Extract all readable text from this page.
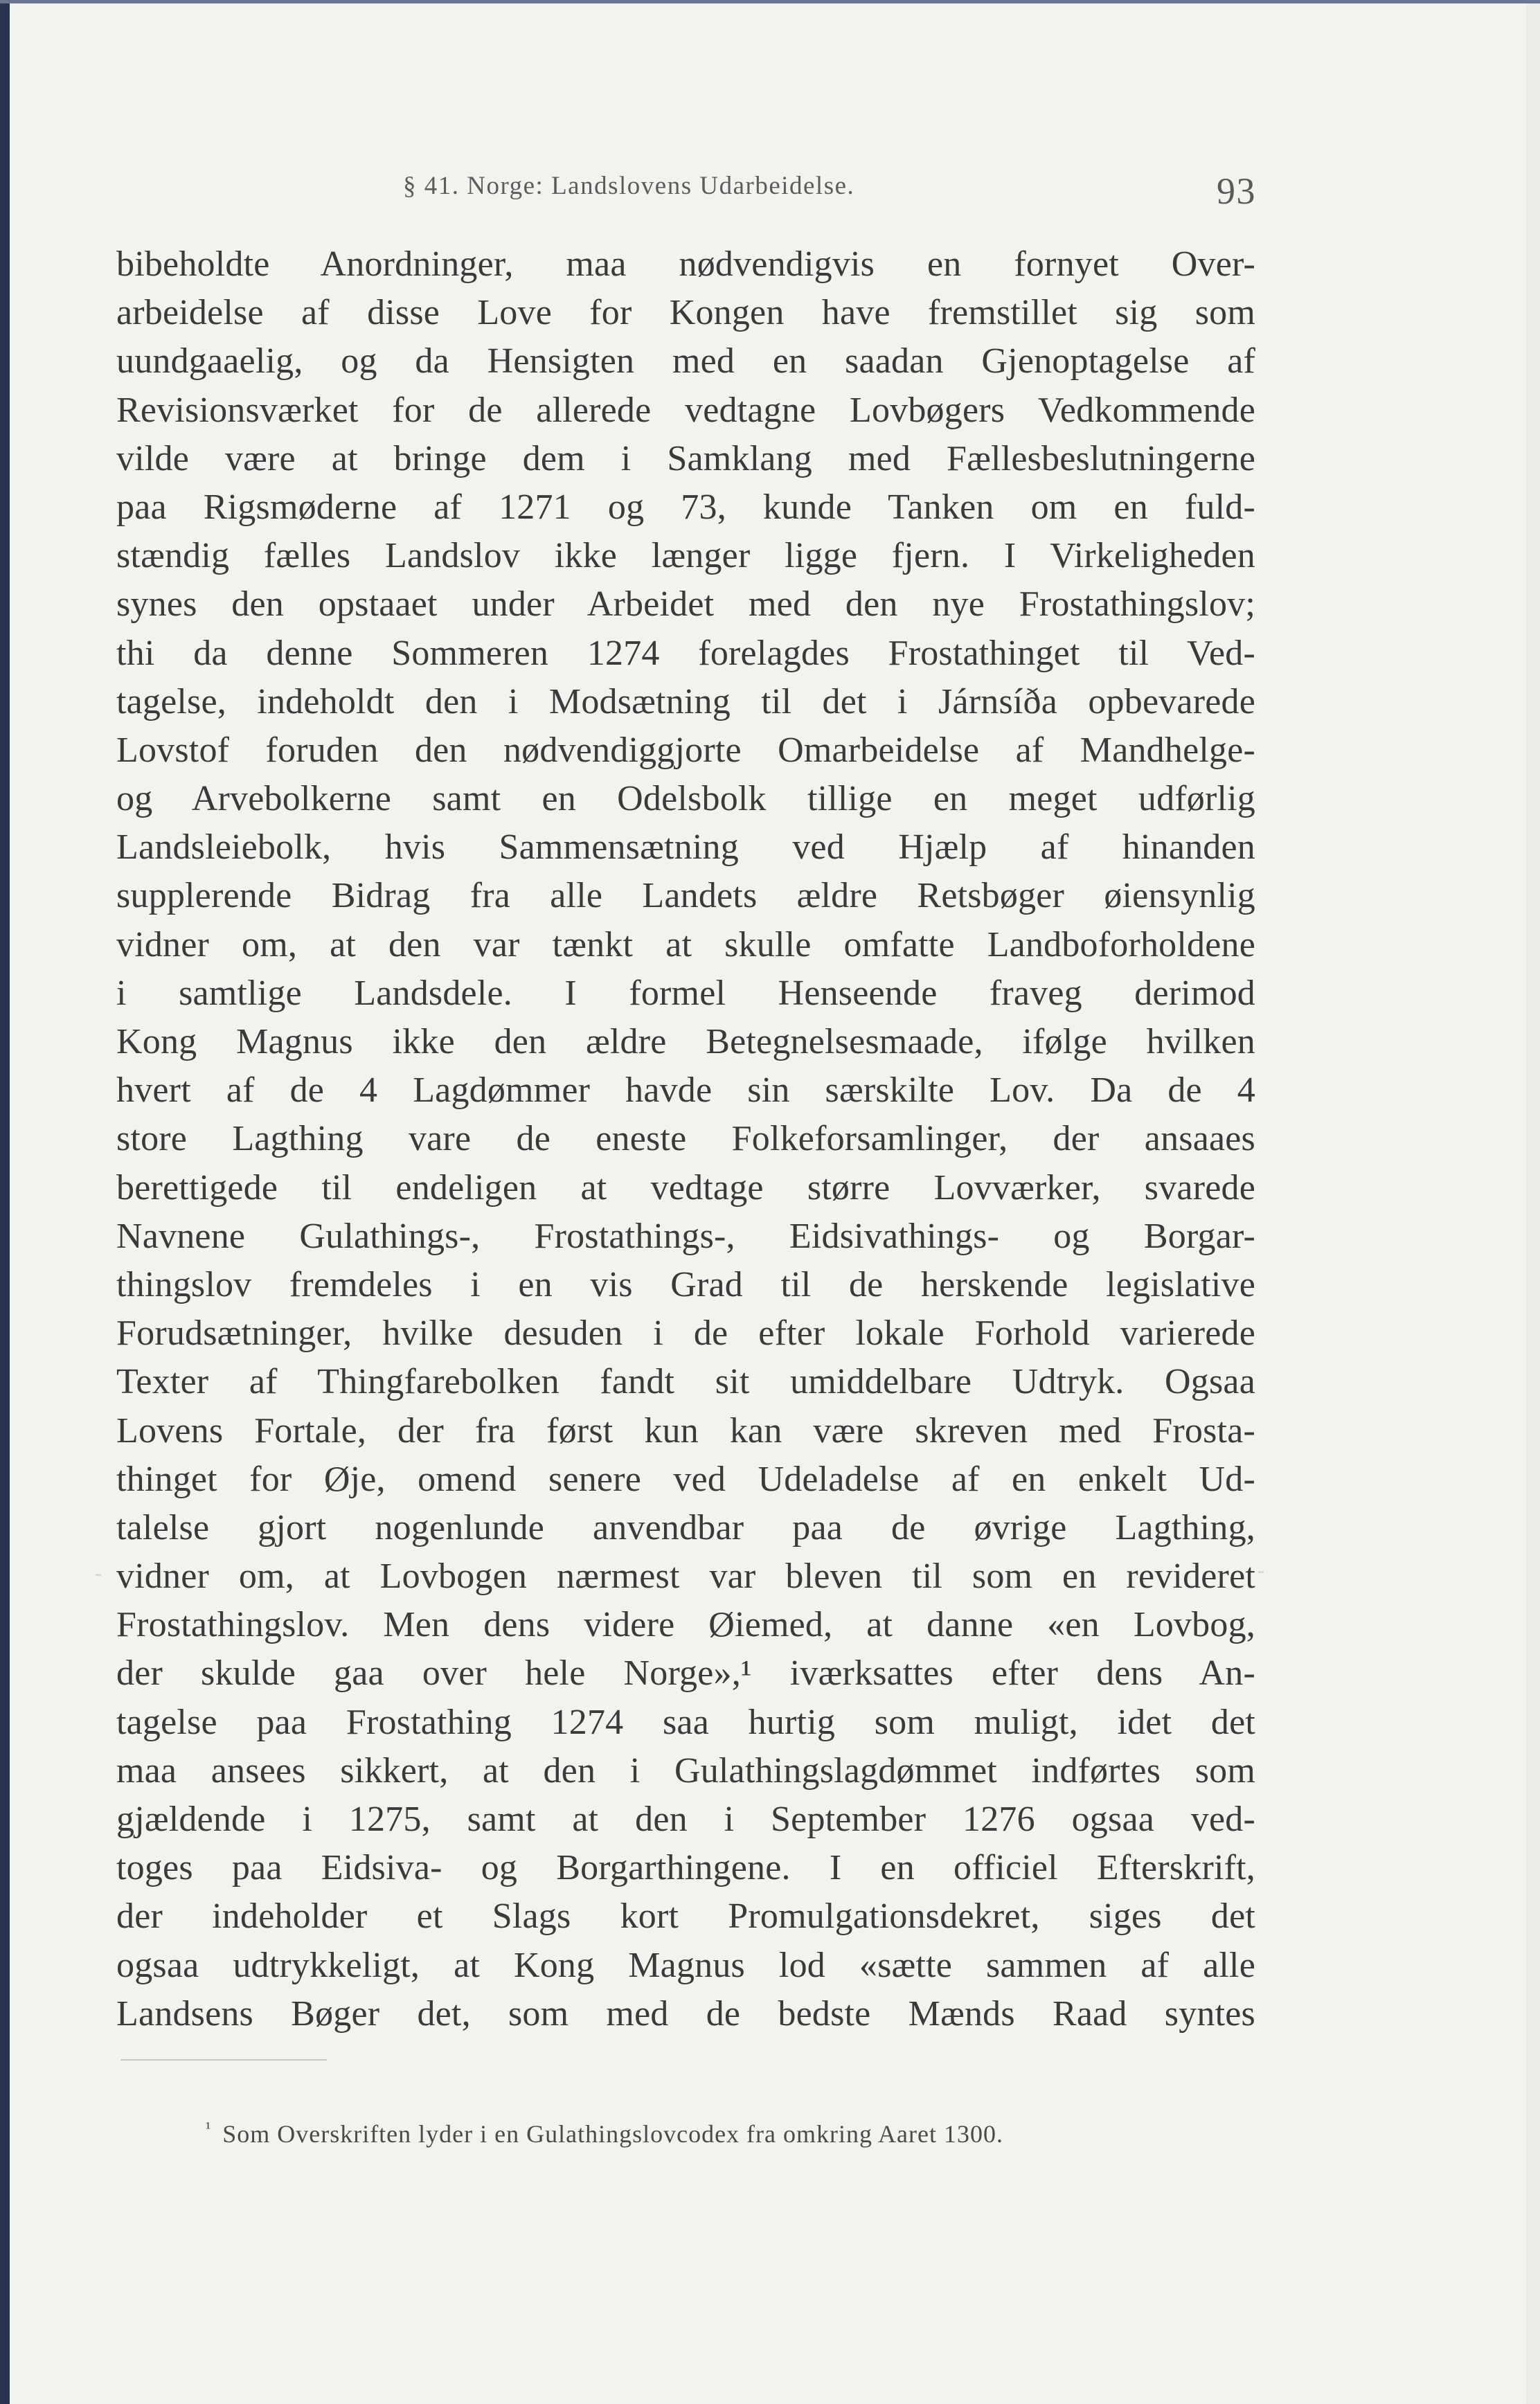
§ 41. Norge: Landslovens Udarbeidelse.	93
bibeholdte Anordninger, maa nødvendigvis en fornyet Over-
arbeidelse af disse Love for Kongen have fremstillet sig som
uundgaaelig, og da Hensigten med en saadan Gjenoptagelse af
Revisionsværket for de allerede vedtagne Lovbøgers Vedkommende
vilde være at bringe dem i Samklang med Fællesbeslutningerne
paa Rigsmøderne af 1271 og 73, kunde Tanken om en fuld-
stændig fælles Landslov ikke længer ligge fjern. I Virkeligheden
synes den opstaaet under Arbeidet med den nye Frostathingslov;
thi da denne Sommeren 1274 forelagdes Frostathinget til Ved-
tagelse, indeholdt den i Modsætning til det i Járnsíða opbevarede
Lovstof foruden den nødvendiggjorte Omarbeidelse af Mandhelge-
og Arvebolkerne samt en Odelsbolk tillige en meget udførlig
Landsleiebolk, hvis Sammensætning ved Hjælp af hinanden
supplerende Bidrag fra alle Landets ældre Retsbøger øiensynlig
vidner om, at den var tænkt at skulle omfatte Landboforholdene
i samtlige Landsdele. I formel Henseende fraveg derimod
Kong Magnus ikke den ældre Betegnelsesmaade, ifølge hvilken
hvert af de 4 Lagdømmer havde sin særskilte Lov. Da de 4
store Lagthing vare de eneste Folkeforsamlinger, der ansaaes
berettigede til endeligen at vedtage større Lovværker, svarede
Navnene Gulathings-, Frostathings-, Eidsivathings- og Borgar-
thingslov fremdeles i en vis Grad til de herskende legislative
Forudsætninger, hvilke desuden i de efter lokale Forhold varierede
Texter af Thingfarebolken fandt sit umiddelbare Udtryk. Ogsaa
Lovens Fortale, der fra først kun kan være skreven med Frosta-
thinget for Øje, omend senere ved Udeladelse af en enkelt Ud-
talelse gjort nogenlunde anvendbar paa de øvrige Lagthing,
vidner om, at Lovbogen nærmest var bleven til som en revideret
Frostathingslov. Men dens videre Øiemed, at danne «en Lovbog,
der skulde gaa over hele Norge»,¹ iværksattes efter dens An-
tagelse paa Frostathing 1274 saa hurtig som muligt, idet det
maa ansees sikkert, at den i Gulathingslagdømmet indførtes som
gjældende i 1275, samt at den i September 1276 ogsaa ved-
toges paa Eidsiva- og Borgarthingene. I en officiel Efterskrift,
der indeholder et Slags kort Promulgationsdekret, siges det
ogsaa udtrykkeligt, at Kong Magnus lod «sætte sammen af alle
Landsens Bøger det, som med de bedste Mænds Raad syntes
$^{^1}$ Som Overskriften lyder i en Gulathingslovcodex fra omkring Aaret 1300.
